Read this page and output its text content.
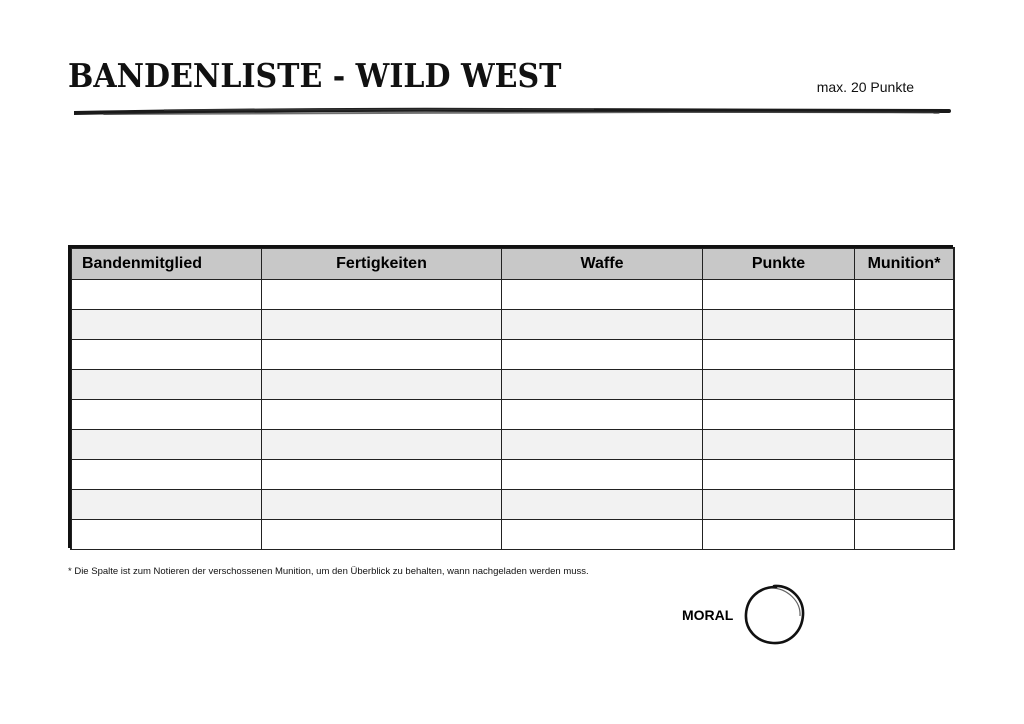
BANDENLISTE - WILD WEST	max. 20 Punkte
Bandenmitglied	Fertigkeiten	Waffe	Punkte	Munition*

* Die Spalte ist zum Notieren der verschossenen Munition, um den Überblick zu behalten, wann nachgeladen werden muss.
MORAL
